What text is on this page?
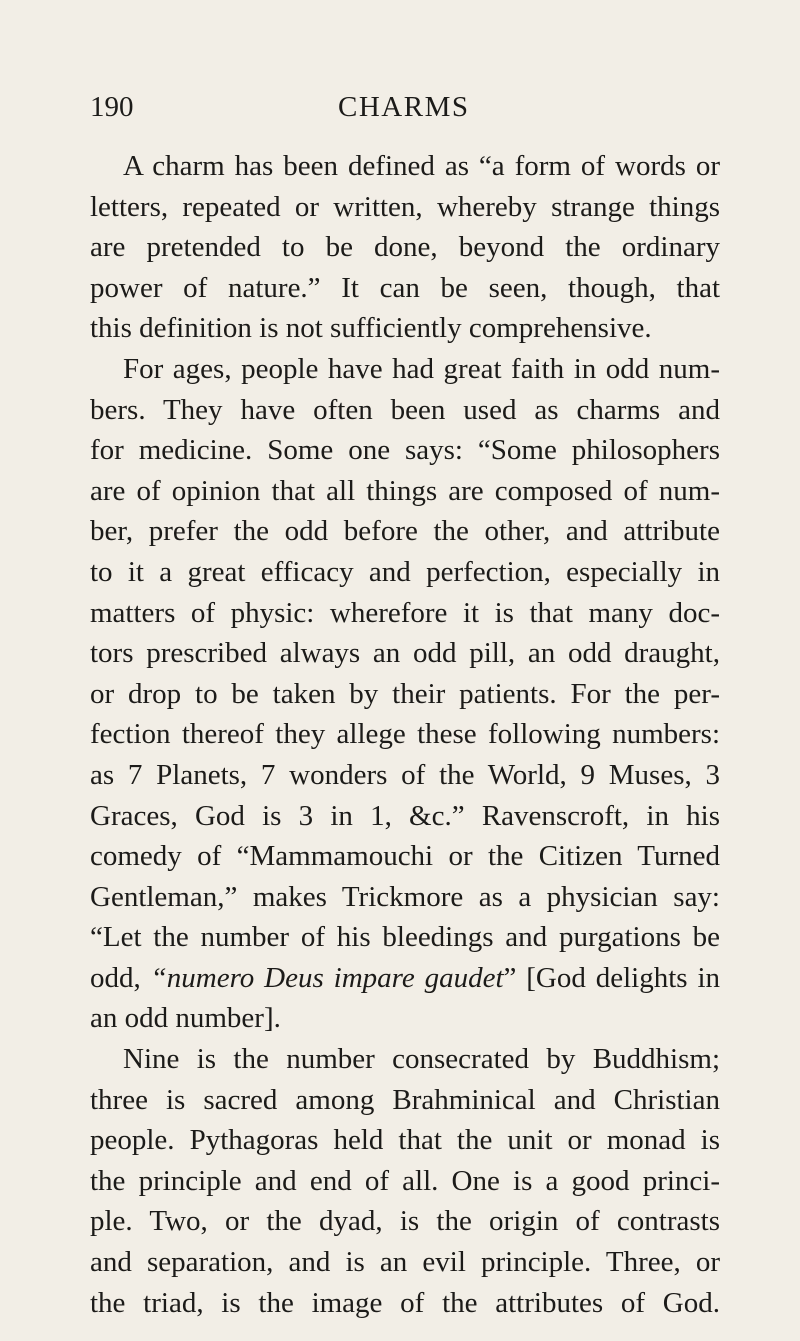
190	CHARMS
A charm has been defined as “a form of words or
letters, repeated or written, whereby strange things
are pretended to be done, beyond the ordinary
power of nature.” It can be seen, though, that
this definition is not sufficiently comprehensive.
For ages, people have had great faith in odd num-
bers. They have often been used as charms and
for medicine. Some one says: “Some philosophers
are of opinion that all things are composed of num-
ber, prefer the odd before the other, and attribute
to it a great efficacy and perfection, especially in
matters of physic: wherefore it is that many doc-
tors prescribed always an odd pill, an odd draught,
or drop to be taken by their patients. For the per-
fection thereof they allege these following numbers:
as 7 Planets, 7 wonders of the World, 9 Muses, 3
Graces, God is 3 in 1, &c.” Ravenscroft, in his
comedy of “Mammamouchi or the Citizen Turned
Gentleman,” makes Trickmore as a physician say:
“Let the number of his bleedings and purgations be
odd, “numero Deus impare gaudet” [God delights in
an odd number].
Nine is the number consecrated by Buddhism;
three is sacred among Brahminical and Christian
people. Pythagoras held that the unit or monad is
the principle and end of all. One is a good princi-
ple. Two, or the dyad, is the origin of contrasts
and separation, and is an evil principle. Three, or
the triad, is the image of the attributes of God.
